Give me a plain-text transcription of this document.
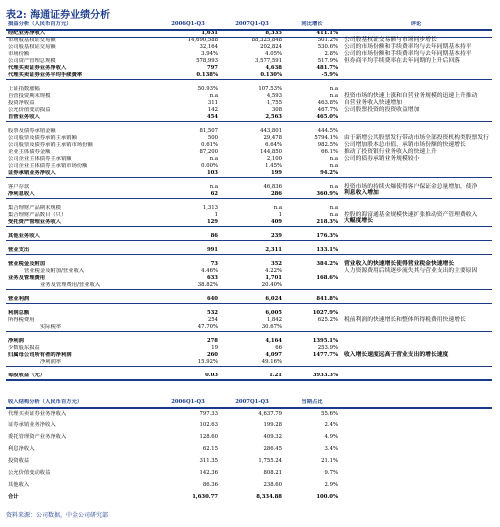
表2: 海通证券业绩分析
损益分析（人民币百万元）	2006Q1-Q3	2007Q1-Q3	同比增长	评论
经纪业务净收入	1,631	8,335	411.1%	
市场股基权证交易额	14,690,588	88,325,848	501.2%	公司股基权证交易额与市场同步增长
公司股基权证交易额	32,164	202,824	530.6%	公司的市场份额和手续费率均与去年同期基本持平
市场份额	3.94%	4.05%	2.8%	公司的市场份额和手续费率均与去年同期基本持平
公司资产管理总规模	578,993	3,577,591	517.9%	但券商平均手续费率在去年同期的上升后回落
代理买卖证券业务净收入	797	4,638	481.7%	
代理买卖证券业务平均手续费率	0.138%	0.130%	-5.9%	

上证指数涨幅	50.93%	107.53%	n.a	
自营投资期末规模	n.a	4,593	n.a	投资市场的快速上涨和自营业务规模的迅速上升推动
投资净收益	311	1,755	463.8%	自营业务收入快速增加
公允价值变动损益	142	308	467.7%	公司股票投资的投资收益增加
自营业务收入	454	2,563	465.0%	

股票及债券承销金额	81,507	443,801	444.5%	
公司股票及债券承销主承销额	500	29,478	5794.1%	由于新增公共股票发行带动市场全部投资机构类股票发行
公司股票及债券承销主承销市场份额	0.61%	6.64%	982.5%	公司增加股本总市值，承销市场份额的快速增长
企业主体债券金额	87,200	144,850	66.1%	推动了投资银行业务收入的快速上升
公司企业主体债券主承销额	n.a	2,100	n.a	公司的债券承销业务规模较小
公司企业主体债券主承销市场份额	0.00%	1.45%	n.a	
证券承销业务净收入	103	199	94.2%	

客户存款	n.a	46,836	n.a	投资市场的持续火爆使得客户保证金总量增加，使净
净利息收入	62	286	360.9%	利息收入增加

集合理财产品期末规模	1,313	n.a	n.a	
集合理财产品数目（只）	1	1	n.a	控股的海富通基金规模快速扩张推动资产管理费收入
受托资产管理业务收入	129	409	218.3%	大幅度增长

其他业务收入	86	239	176.3%	

营业支出	991	2,311	133.1%	

营业税金及附加	73	352	384.2%	营业收入的快速增长使得营业税金快速增长
营业税金及附加/营业收入	4.46%	4.22%		人力资源费用后续逐步流失其与营业支出的主要原因
业务及管理费用	633	1,701	168.6%	
业务及管理费用/营业收入	38.82%	20.40%		

营业利润	640	6,024	841.8%	

利润总额	532	6,005	1027.9%	
所得税费用	254	1,842	625.2%	税前利润的快速增长和整体所得税费用快速增长
实际税率	47.70%	30.67%		

净利润	278	4,164	1395.1%	
少数股东损益	19	66	253.9%	
归属母公司所有者的净利润	260	4,097	1477.7%	收入增长速度远高于营业支出的增长速度
净利润率	15.92%	49.16%		

每股收益（元）	0.03	1.21	3933.3%	
收入结构分析（人民币百万元）	2006Q1-Q3	2007Q1-Q3	当期占比	
代理买卖证券业务净收入	797.33	4,637.79	55.6%	
证券承销业务净收入	102.63	199.28	2.4%	
委托管理资产业务净收入	128.60	409.32	4.9%	
利息净收入	62.15	286.45	3.4%	
投资收益	311.35	1,755.24	21.1%	
公允价值变动收益	142.36	808.21	9.7%	
其他收入	86.36	238.60	2.9%	
合计	1,630.77	8,334.88	100.0%	
资料来源：公司数据，中金公司研究部
